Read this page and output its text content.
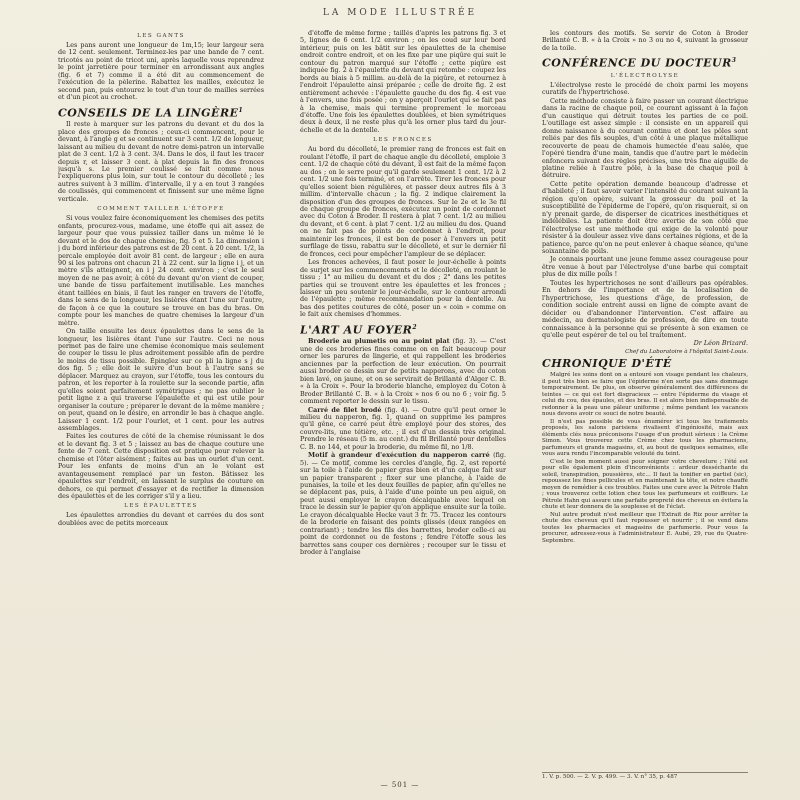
LA MODE ILLUSTRÉE
LES GANTS

Les pans auront une longueur de 1m,15; leur largeur sera de 12 cent. seulement. Terminez-les par une bande de 7 cent. tricotés au point de tricot uni, après laquelle vous reprendrez le point jarretière pour terminer en arrondissant aux angles (fig. 6 et 7) comme il a été dit au commencement de l'exécution de la pèlerine. Rabattez les mailles, exécutez le second pan, puis entourez le tout d'un tour de mailles serrées et d'un picot au crochet.

CONSEILS DE LA LINGÈRE$^1$

Il reste à marquer sur les patrons du devant et du dos la place des groupes de fronces ; ceux-ci commencent, pour le devant, à l'angle g et se continuent sur 3 cent. 1/2 de longueur, laissant au milieu du devant de notre demi-patron un intervalle plat de 3 cent. 1/2 à 3 cent. 3/4. Dans le dos, il faut les tracer depuis r, et laisser 3 cent. à plat depuis la fin des fronces jusqu'à s. Le premier coulissé se fait comme nous l'expliquerons plus loin, sur tout le contour du décolleté ; les autres suivent à 3 millim. d'intervalle, il y a en tout 3 rangées de coulissés, qui commencent et finissent sur une même ligne verticale.

COMMENT TAILLER L'ÉTOFFE

Si vous voulez faire économiquement les chemises des petits enfants, procurez-vous, madame, une étoffe qui ait assez de largeur pour que vous puissiez tailler dans un même lé le devant et le dos de chaque chemise, fig. 5 et 5. La dimension i j du bord inférieur des patrons est de 20 cent. à 20 cent. 1/2, la percale employée doit avoir 81 cent. de largeur ; elle en aura 90 si les patrons ont chacun 21 à 22 cent. sur la ligne i j, et un mètre s'ils atteignent, en i j 24 cent. environ ; c'est le seul moyen de ne pas avoir, à côté du devant qu'on vient de couper, une bande de tissu parfaitement inutilisable. Les manches étant taillées en biais, il faut les ranger en travers de l'étoffe, dans le sens de la longueur, les lisières étant l'une sur l'autre, de façon à ce que la couture se trouve en bas du bras. On compte pour les manches de quatre chemises la largeur d'un mètre.

On taille ensuite les deux épaulettes dans le sens de la longueur, les lisières étant l'une sur l'autre. Ceci ne nous permet pas de faire une chemise économique mais seulement de couper le tissu le plus adroitement possible afin de perdre le moins de tissu possible. Épinglez sur ce pli la ligne s j du dos fig. 5 ; elle doit le suivre d'un bout à l'autre sans se déplacer. Marquez au crayon, sur l'étoffe, tous les contours du patron, et les reporter à la roulette sur la seconde partie, afin qu'elles soient parfaitement symétriques ; ne pas oublier le petit ligne z a qui traverse l'épaulette et qui est utile pour organiser la couture ; préparer le devant de la même manière ; on peut, quand on le désire, en arrondir le bas à chaque angle. Laisser 1 cent. 1/2 pour l'ourlet, et 1 cent. pour les autres assemblages.

Faites les coutures de côté de la chemise réunissant le dos et le devant fig. 3 et 5 ; laissez au bas de chaque couture une fente de 7 cent. Cette disposition est pratique pour relever la chemise et l'ôter aisément ; faites au bas un ourlet d'un cent. Pour les enfants de moins d'un an le volant est avantageusement remplacé par un feston. Bâtissez les épaulettes sur l'endroit, en laissant le surplus de couture en dehors, ce qui permet d'essayer et de rectifier la dimension des épaulettes et de les corriger s'il y a lieu.

LES ÉPAULETTES

Les épaulettes arrondies du devant et carrées du dos sont doublées avec de petits morceaux

d'étoffe de même forme ; taillés d'après les patrons fig. 3 et 5, lignes de 6 cent. 1/2 environ ; on les coud sur leur bord intérieur, puis on les bâtit sur les épaulettes de la chemise endroit contre endroit, et on les fixe par une piqûre qui suit le contour du patron marqué sur l'étoffe ; cette piqûre est indiquée fig. 2 à l'épaulette du devant qui retombe : coupez les bords au biais à 5 millim. au-delà de la piqûre, et retournez à l'endroit l'épaulette ainsi préparée ; celle de droite fig. 2 est entièrement achevée : l'épaulette gauche du dos fig. 4 est vue à l'envers, une fois posée ; on y aperçoit l'ourlet qui se fait pas à la chemise, mais qui termine proprement le morceau d'étoffe. Une fois les épaulettes doublées, et bien symétriques deux à deux, il ne reste plus qu'à les orner plus tard du jour-échelle et de la dentelle.

LES FRONCES

Au bord du décolleté, le premier rang de fronces est fait en roulant l'étoffe, il part de chaque angle du décolleté, emploie 3 cent. 1/2 de chaque côté du devant, il est fait de la même façon au dos ; on le serre pour qu'il garde seulement 1 cent. 1/2 à 2 cent. 1/2 une fois terminé, et on l'arrête. Tirer les fronces pour qu'elles soient bien régulières, et passer deux autres fils à 3 millim. d'intervalle chacun ; la fig. 2 indique clairement la disposition d'un des groupes de fronces. Sur le 2e et le 3e fil de chaque groupe de fronces, exécutez un point de cordonnet avec du Coton à Broder. Il restera à plat 7 cent. 1/2 au milieu du devant, et 6 cent. à plat 7 cent. 1/2 au milieu du dos. Quand on ne fait pas de points de cordonnet à l'endroit, pour maintenir les fronces, il est bon de poser à l'envers un petit surfilage de tissu, rabattu sur le décolleté, et sur le dernier fil de fronces, ceci pour empêcher l'ampleur de se déplacer.

Les fronces achevées, il faut poser le jour-échelle à points de surjet sur les commencements et le décolleté, en roulant le tissu ; 1° au milieu du devant et du dos ; 2° dans les petites parties qui se trouvent entre les épaulettes et les fronces ; laisser un peu soutenir le jour-échelle, sur le contour arrondi de l'épaulette ; même recommandation pour la dentelle. Au bas des petites coutures de côté, poser un « coin » comme on le fait aux chemises d'hommes.

L'ART AU FOYER$^2$

Broderie au plumetis ou au point plat (fig. 3). — C'est une de ces broderies fines comme on en fait beaucoup pour orner les parures de lingerie, et qui rappellent les broderies anciennes par la perfection de leur exécution. On pourrait aussi broder ce dessin sur de petits napperons, avec du coton bien lavé, on jaune, et on se servirait de Brillanté d'Alger C. B. « à la Croix ». Pour la broderie blanche, employez du Coton à Broder Brillanté C. B. « à la Croix » nos 6 ou no 6 ; voir fig. 5 comment reporter le dessin sur le tissu.

Carré de filet brodé (fig. 4). — Outre qu'il peut orner le milieu du napperon, fig. 1, quand on supprime les pampres qu'il gêne, ce carré peut être employé pour des stores, des couvre-lits, une tétière, etc. ; il est d'un dessin très original. Prendre le réseau (5 m. au cent.) du fil Brillanté pour dentelles C. B. no 144, et pour la broderie, du même fil, no 1/8.

Motif à grandeur d'exécution du napperon carré (fig. 5). — Ce motif, comme les cercles d'angle, fig. 2, est reporté sur la toile à l'aide de papier gras bien et d'un calque fait sur un papier transparent ; fixer sur une planche, à l'aide de punaises, la toile et les deux feuilles de papier, afin qu'elles ne se déplacent pas, puis, à l'aide d'une pointe un peu aiguë, on peut aussi employer le crayon décalquable avec lequel on trace le dessin sur le papier qu'on applique ensuite sur la toile. Le crayon décalquable Hecke vaut 3 fr. 75. Tracez les contours de la broderie en faisant des points glissés (deux rangées en contrariant) ; tendre les fils des barrettes, broder celle-ci au point de cordonnet ou de festons ; fendre l'étoffe sous les barrettes sans couper ces dernières ; recouper sur le tissu et broder à l'anglaise

les contours des motifs. Se servir de Coton à Broder Brillanté C. B. « à la Croix » no 3 ou no 4, suivant la grosseur de la toile.

CONFÉRENCE DU DOCTEUR$^3$
L'ÉLECTROLYSE

L'électrolyse reste le procédé de choix parmi les moyens curatifs de l'hypertrichose.

Cette méthode consiste à faire passer un courant électrique dans la racine de chaque poil, ce courant agissant à la façon d'un caustique qui détruit toutes les parties de ce poil. L'outillage est assez simple : il consiste en un appareil qui donne naissance à du courant continu et dont les pôles sont reliés par des fils souples, d'un côté à une plaque métallique recouverte de peau de chamois humectée d'eau salée, que l'opéré tiendra d'une main, tandis que d'autre part le médecin enfoncera suivant des règles précises, une très fine aiguille de platine reliée à l'autre pôle, à la base de chaque poil à détruire.

Cette petite opération demande beaucoup d'adresse et d'habileté ; il faut savoir varier l'intensité du courant suivant la région qu'on opère, suivant la grosseur du poil et la susceptibilité de l'épiderme de l'opéré, qu'on risquerait, si on n'y prenait garde, de disperser de cicatrices inesthétiques et indélébiles. La patiente doit être avertie de son côté que l'électrolyse est une méthode qui exige de la volonté pour résister à la douleur assez vive dans certaines régions, et de la patience, parce qu'on ne peut enlever à chaque séance, qu'une soixantaine de poils.

Je connais pourtant une jeune femme assez courageuse pour être venue à bout par l'électrolyse d'une barbe qui comptait plus de dix mille poils !

Toutes les hypertrichoses ne sont d'ailleurs pas opérables. En dehors de l'importance et de la localisation de l'hypertrichose, les questions d'âge, de profession, de condition sociale entrent aussi en ligne de compte avant de décider ou d'abandonner l'intervention. C'est affaire au médecin, au dermatologiste de profession, de dire en toute connaissance à la personne qui se présente à son examen ce qu'elle peut espérer de tel ou tel traitement.

Dr Léon Brizard.

Chef du Laboratoire à l'hôpital Saint-Louis.

CHRONIQUE D'ÉTÉ

Malgré les soins dont on a entouré son visage pendant les chaleurs, il peut très bien se faire que l'épiderme n'en sorte pas sans dommage temporairement. De plus, on observe généralement des différences de teintes — ce qui est fort disgracieux — entre l'épiderme du visage et celui du cou, des épaules, et des bras. Il est alors bien indispensable de redonner à la peau une pâleur uniforme ; même pendant les vacances nous devons avoir ce souci de notre beauté.

Il n'est pas possible de vous énumérer ici tous les traitements proposés, les salons parisiens rivalisent d'ingéniosité, mais aux éléments clés nous préconisons l'usage d'un produit sérieux : la Crème Simon. Vous trouverez cette Crème chez tous les pharmaciens, parfumeurs et grands magasins, et, au bout de quelques semaines, elle vous aura rendu l'incomparable velouté du teint.

C'est le bon moment aussi pour soigner votre chevelure ; l'été est pour elle également plein d'inconvénients : ardeur desséchante du soleil, transpiration, poussières, etc... Il faut la tonifier en partiel (sic), repoussez les fines pellicules et en maintenant la tête, et notre chauffé moyen de remédier à ces troubles. Faites une cure avec la Pétrole Hahn ; vous trouverez cette lotion chez tous les parfumeurs et coiffeurs. Le Pétrole Hahn qui assure une parfaite propreté des cheveux en évitera la chute et leur donnera de la souplesse et de l'éclat.

Nul autre produit n'est meilleur que l'Extrait de Riz pour arrêter la chute des cheveux qu'il faut repousser et nourrir ; il se vend dans toutes les pharmacies et magasins de parfumerie. Pour vous la procurer, adressez-vous à l'administrateur E. Aubé, 29, rue du Quatre-Septembre.

1. V. p. 500. — 2. V. p. 499. — 3. V. n° 35, p. 487
— 501 —
